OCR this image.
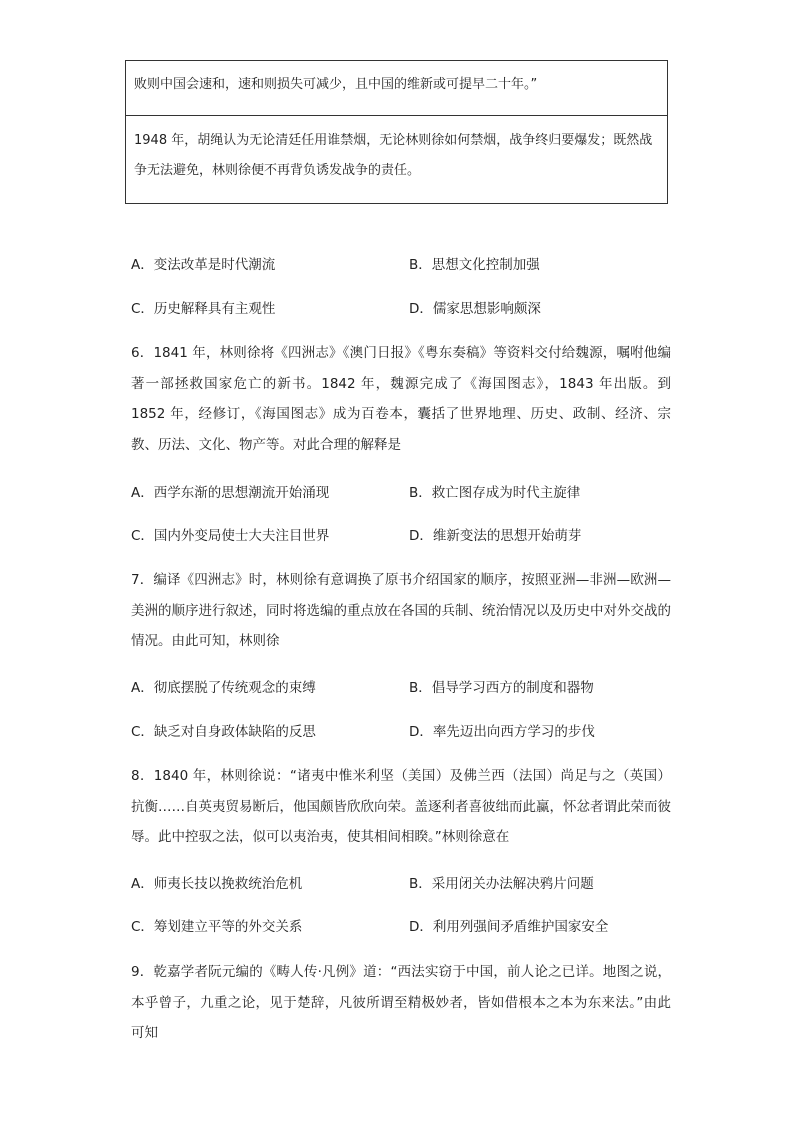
败则中国会速和，速和则损失可减少，且中国的维新或可提早二十年。”
1948 年，胡绳认为无论清廷任用谁禁烟，无论林则徐如何禁烟，战争终归要爆发；既然战争无法避免，林则徐便不再背负诱发战争的责任。
A．变法改革是时代潮流	B．思想文化控制加强
C．历史解释具有主观性	D．儒家思想影响颇深
6．1841 年，林则徐将《四洲志》《澳门日报》《粤东奏稿》等资料交付给魏源，嘱咐他编著一部拯救国家危亡的新书。1842 年，魏源完成了《海国图志》，1843 年出版。到 1852 年，经修订，《海国图志》成为百卷本，囊括了世界地理、历史、政制、经济、宗教、历法、文化、物产等。对此合理的解释是
A．西学东渐的思想潮流开始涌现	B．救亡图存成为时代主旋律
C．国内外变局使士大夫注目世界	D．维新变法的思想开始萌芽
7．编译《四洲志》时，林则徐有意调换了原书介绍国家的顺序，按照亚洲—非洲—欧洲—美洲的顺序进行叙述，同时将选编的重点放在各国的兵制、统治情况以及历史中对外交战的情况。由此可知，林则徐
A．彻底摆脱了传统观念的束缚	B．倡导学习西方的制度和器物
C．缺乏对自身政体缺陷的反思	D．率先迈出向西方学习的步伐
8．1840 年，林则徐说：“诸夷中惟米利坚（美国）及佛兰西（法国）尚足与之（英国）抗衡……自英夷贸易断后，他国颇皆欣欣向荣。盖逐利者喜彼绌而此赢，怀忿者谓此荣而彼辱。此中控驭之法，似可以夷治夷，使其相间相睽。”林则徐意在
A．师夷长技以挽救统治危机	B．采用闭关办法解决鸦片问题
C．筹划建立平等的外交关系	D．利用列强间矛盾维护国家安全
9．乾嘉学者阮元编的《畴人传·凡例》道：“西法实窃于中国，前人论之已详。地图之说，本乎曾子，九重之论，见于楚辞，凡彼所谓至精极妙者，皆如借根本之本为东来法。”由此可知
